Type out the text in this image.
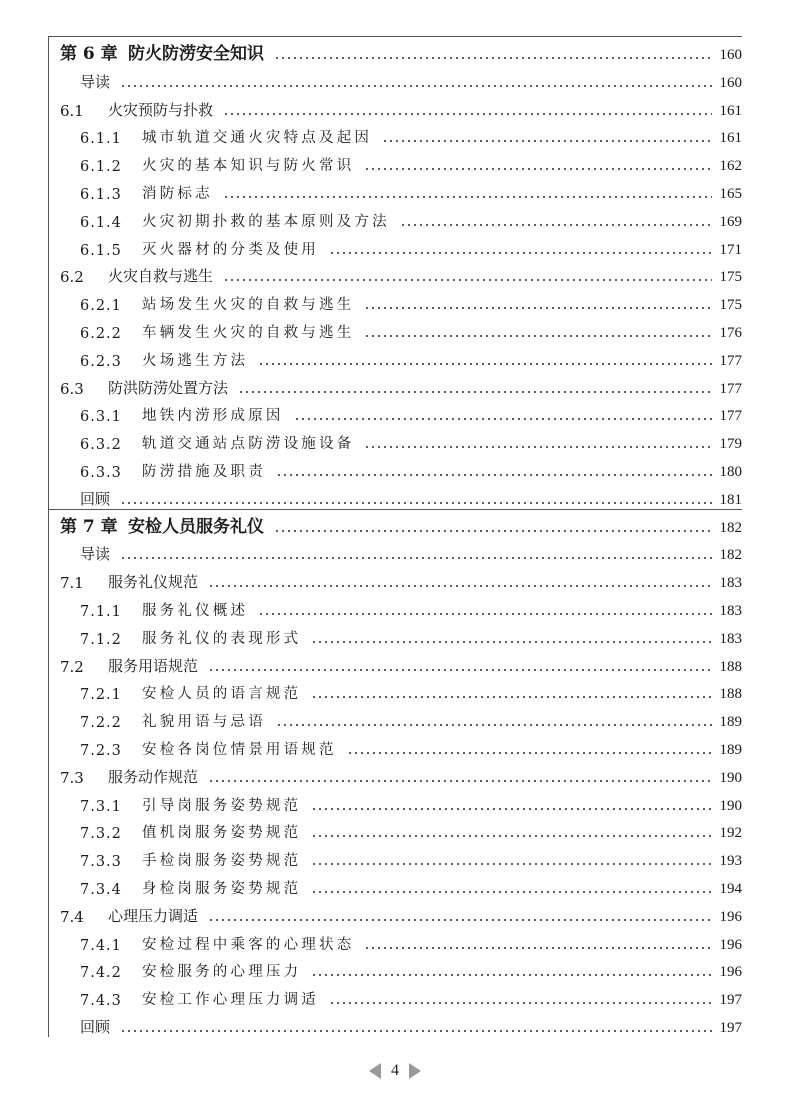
第 6 章 防火防涝安全知识	160
导读	160
6.1	火灾预防与扑救	161
6.1.1	城市轨道交通火灾特点及起因	161
6.1.2	火灾的基本知识与防火常识	162
6.1.3	消防标志	165
6.1.4	火灾初期扑救的基本原则及方法	169
6.1.5	灭火器材的分类及使用	171
6.2	火灾自救与逃生	175
6.2.1	站场发生火灾的自救与逃生	175
6.2.2	车辆发生火灾的自救与逃生	176
6.2.3	火场逃生方法	177
6.3	防洪防涝处置方法	177
6.3.1	地铁内涝形成原因	177
6.3.2	轨道交通站点防涝设施设备	179
6.3.3	防涝措施及职责	180
回顾	181
第 7 章 安检人员服务礼仪	182
导读	182
7.1	服务礼仪规范	183
7.1.1	服务礼仪概述	183
7.1.2	服务礼仪的表现形式	183
7.2	服务用语规范	188
7.2.1	安检人员的语言规范	188
7.2.2	礼貌用语与忌语	189
7.2.3	安检各岗位情景用语规范	189
7.3	服务动作规范	190
7.3.1	引导岗服务姿势规范	190
7.3.2	值机岗服务姿势规范	192
7.3.3	手检岗服务姿势规范	193
7.3.4	身检岗服务姿势规范	194
7.4	心理压力调适	196
7.4.1	安检过程中乘客的心理状态	196
7.4.2	安检服务的心理压力	196
7.4.3	安检工作心理压力调适	197
回顾	197
4
